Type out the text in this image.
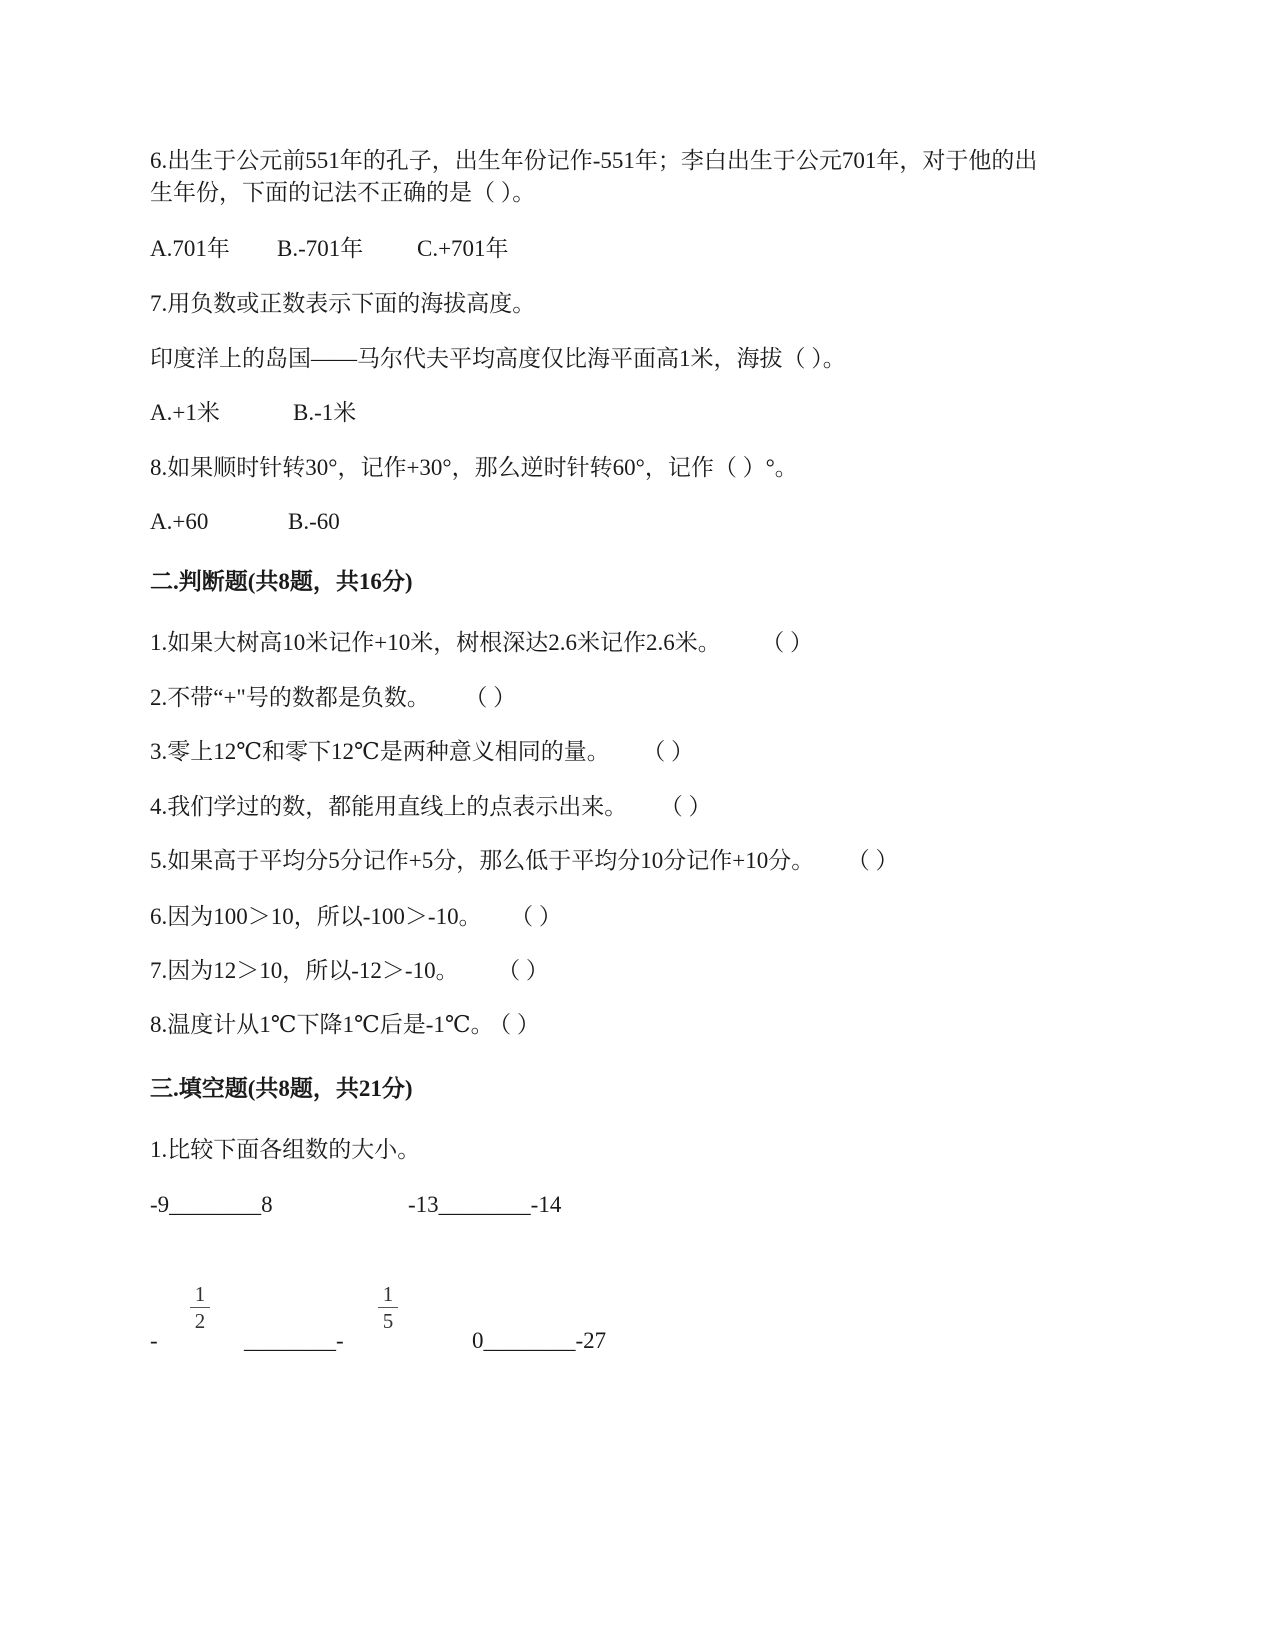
6.出生于公元前551年的孔子，出生年份记作-551年；李白出生于公元701年，对于他的出
生年份，下面的记法不正确的是（ ）。
A.701年 B.-701年 C.+701年
7.用负数或正数表示下面的海拔高度。
印度洋上的岛国——马尔代夫平均高度仅比海平面高1米，海拔（ ）。
A.+1米	B.-1米
8.如果顺时针转30°，记作+30°，那么逆时针转60°，记作（ ）°。
A.+60	B.-60
二.判断题(共8题，共16分)
1.如果大树高10米记作+10米，树根深达2.6米记作2.6米。 （ ）
2.不带“+"号的数都是负数。 （ ）
3.零上12℃和零下12℃是两种意义相同的量。 （ ）
4.我们学过的数，都能用直线上的点表示出来。 （ ）
5.如果高于平均分5分记作+5分，那么低于平均分10分记作+10分。 （ ）
6.因为100＞10，所以-100＞-10。 （ ）
7.因为12＞10，所以-12＞-10。 （ ）
8.温度计从1℃下降1℃后是-1℃。 （ ）
三.填空题(共8题，共21分)
1.比较下面各组数的大小。
-9________8	-13________-14
1
2
1
5
-	________-	0________-27
